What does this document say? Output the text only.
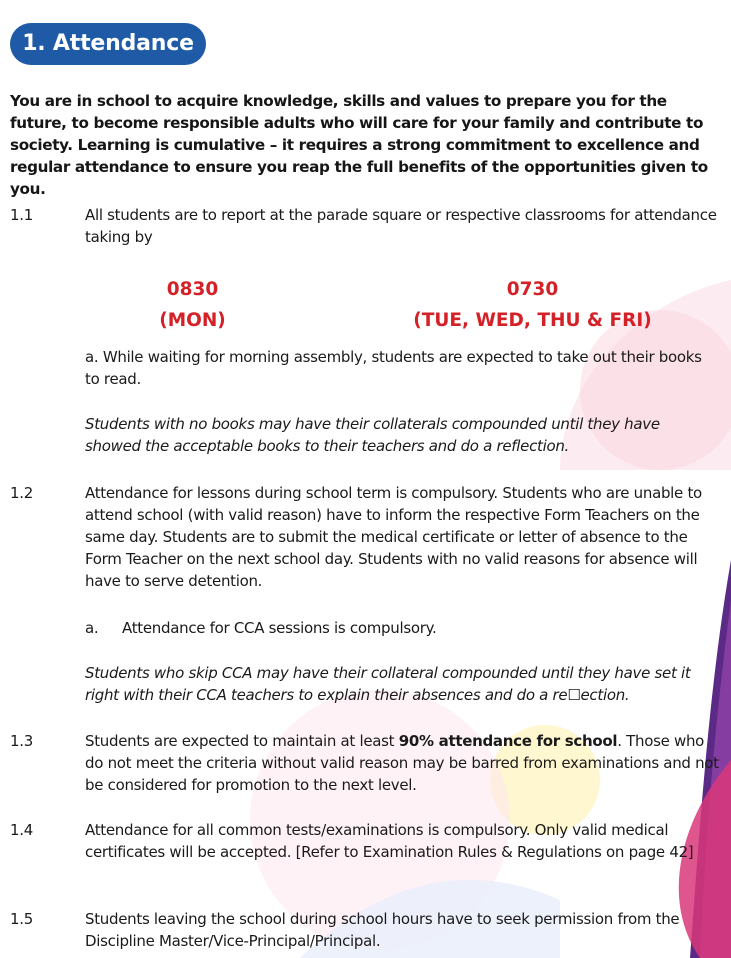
1. Attendance
You are in school to acquire knowledge, skills and values to prepare you for the future, to become responsible adults who will care for your family and contribute to society. Learning is cumulative – it requires a strong commitment to excellence and regular attendance to ensure you reap the full benefits of the opportunities given to you.
1.1	All students are to report at the parade square or respective classrooms for attendance taking by
0830
(MON)
0730
(TUE, WED, THU & FRI)
a. While waiting for morning assembly, students are expected to take out their books to read.
Students with no books may have their collaterals compounded until they have showed the acceptable books to their teachers and do a reflection.
1.2	Attendance for lessons during school term is compulsory. Students who are unable to attend school (with valid reason) have to inform the respective Form Teachers on the same day. Students are to submit the medical certificate or letter of absence to the Form Teacher on the next school day. Students with no valid reasons for absence will have to serve detention.
a. Attendance for CCA sessions is compulsory.
Students who skip CCA may have their collateral compounded until they have set it right with their CCA teachers to explain their absences and do a re☐ection.
1.3	Students are expected to maintain at least 90% attendance for school. Those who do not meet the criteria without valid reason may be barred from examinations and not be considered for promotion to the next level.
1.4	Attendance for all common tests/examinations is compulsory. Only valid medical certificates will be accepted. [Refer to Examination Rules & Regulations on page 42]
1.5	Students leaving the school during school hours have to seek permission from the Discipline Master/Vice-Principal/Principal.
